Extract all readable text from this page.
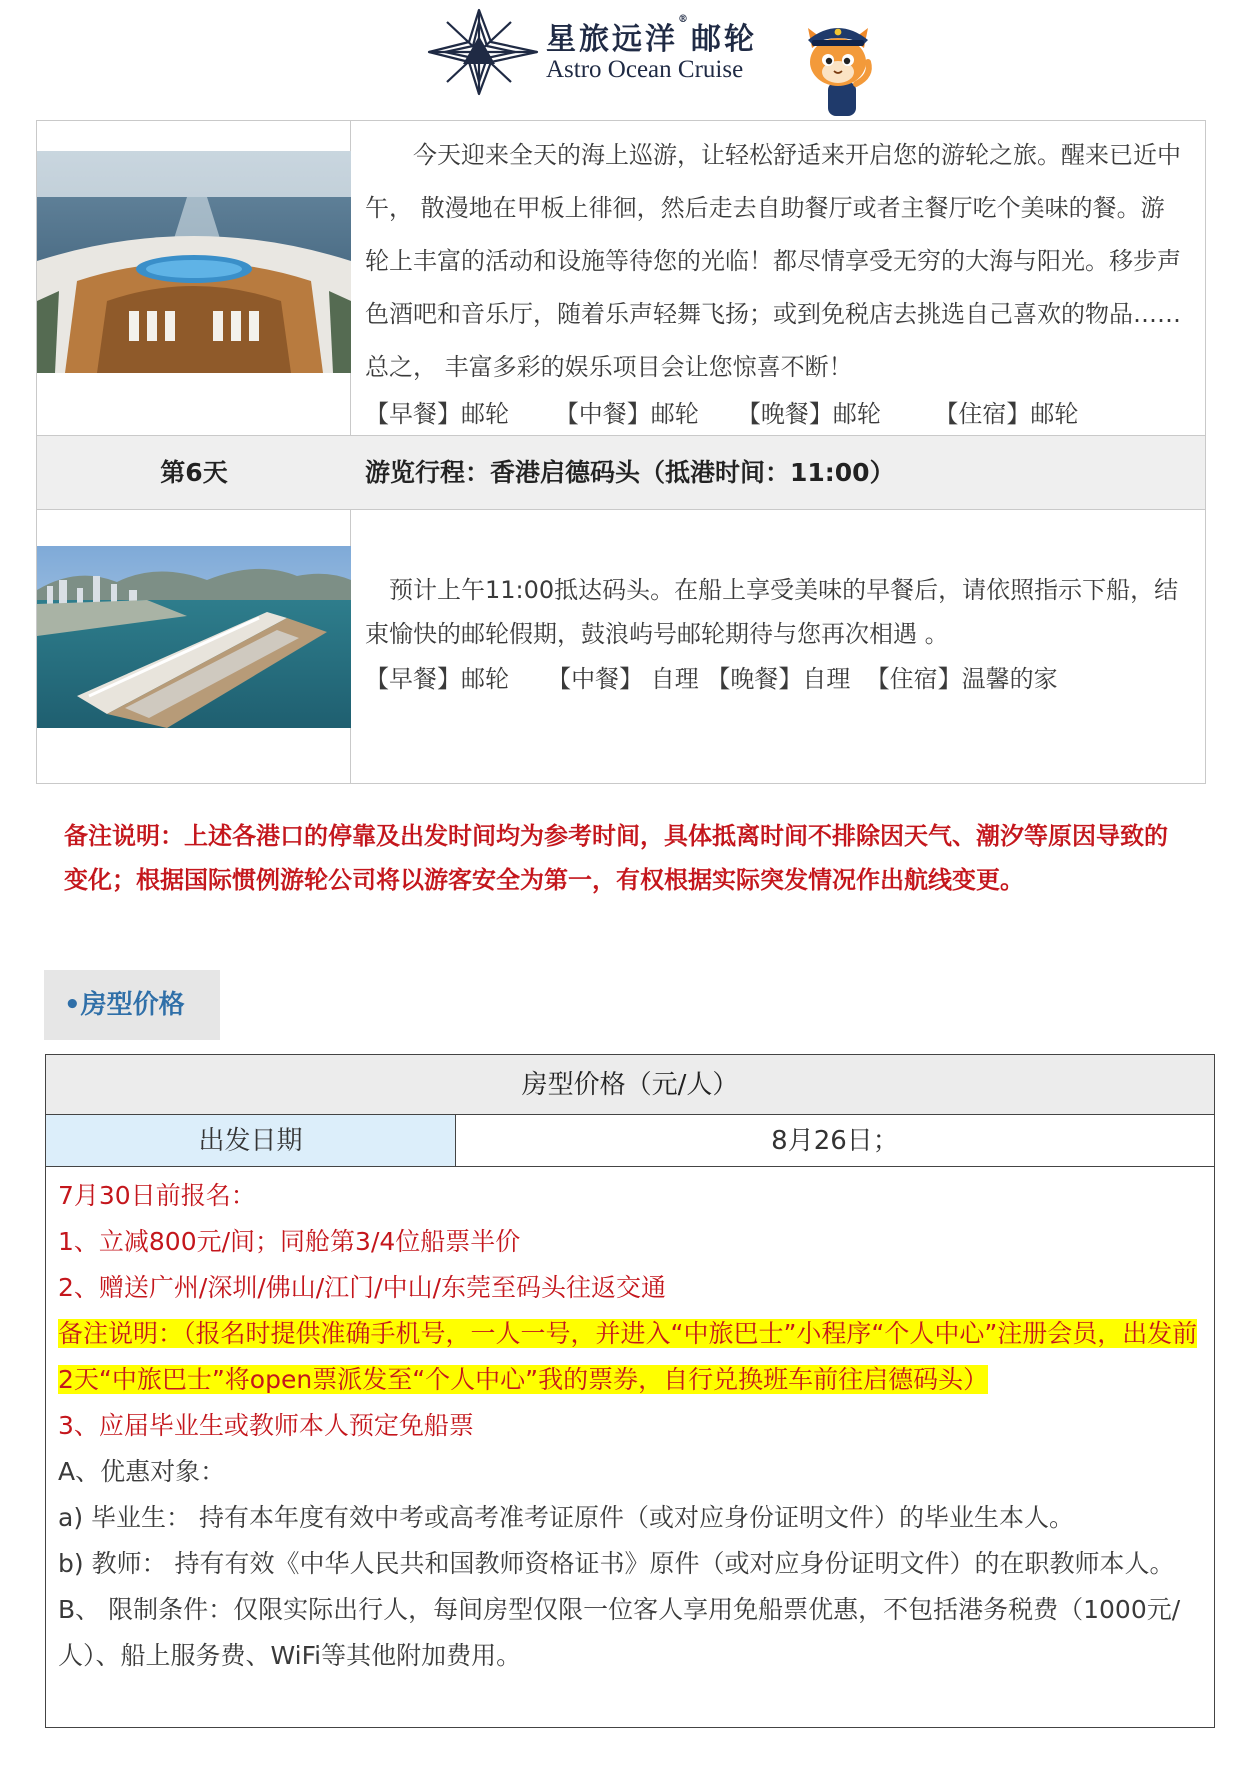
星旅远洋®邮轮
Astro Ocean Cruise

今天迎来全天的海上巡游，让轻松舒适来开启您的游轮之旅。醒来已近中午， 散漫地在甲板上徘徊，然后走去自助餐厅或者主餐厅吃个美味的餐。游轮上丰富的活动和设施等待您的光临！都尽情享受无穷的大海与阳光。移步声色酒吧和音乐厅，随着乐声轻舞飞扬；或到免税店去挑选自己喜欢的物品……总之， 丰富多彩的娱乐项目会让您惊喜不断！

【早餐】邮轮      【中餐】邮轮     【晚餐】邮轮       【住宿】邮轮

第6天	游览行程：香港启德码头（抵港时间：11:00）

预计上午11:00抵达码头。在船上享受美味的早餐后，请依照指示下船，结束愉快的邮轮假期，鼓浪屿号邮轮期待与您再次相遇 。

【早餐】邮轮     【中餐】 自理 【晚餐】自理  【住宿】温馨的家

备注说明：上述各港口的停靠及出发时间均为参考时间，具体抵离时间不排除因天气、潮汐等原因导致的变化；根据国际惯例游轮公司将以游客安全为第一，有权根据实际突发情况作出航线变更。

•房型价格
房型价格（元/人）
出发日期	8月26日；

7月30日前报名：

1、立减800元/间；同舱第3/4位船票半价

2、赠送广州/深圳/佛山/江门/中山/东莞至码头往返交通

备注说明：（报名时提供准确手机号，一人一号，并进入“中旅巴士”小程序“个人中心”注册会员，出发前2天“中旅巴士”将open票派发至“个人中心”我的票券，自行兑换班车前往启德码头）

3、应届毕业生或教师本人预定免船票

A、优惠对象：

a) 毕业生： 持有本年度有效中考或高考准考证原件（或对应身份证明文件）的毕业生本人。

b) 教师： 持有有效《中华人民共和国教师资格证书》原件（或对应身份证明文件）的在职教师本人。

B、 限制条件：仅限实际出行人，每间房型仅限一位客人享用免船票优惠，不包括港务税费（1000元/人）、船上服务费、WiFi等其他附加费用。
